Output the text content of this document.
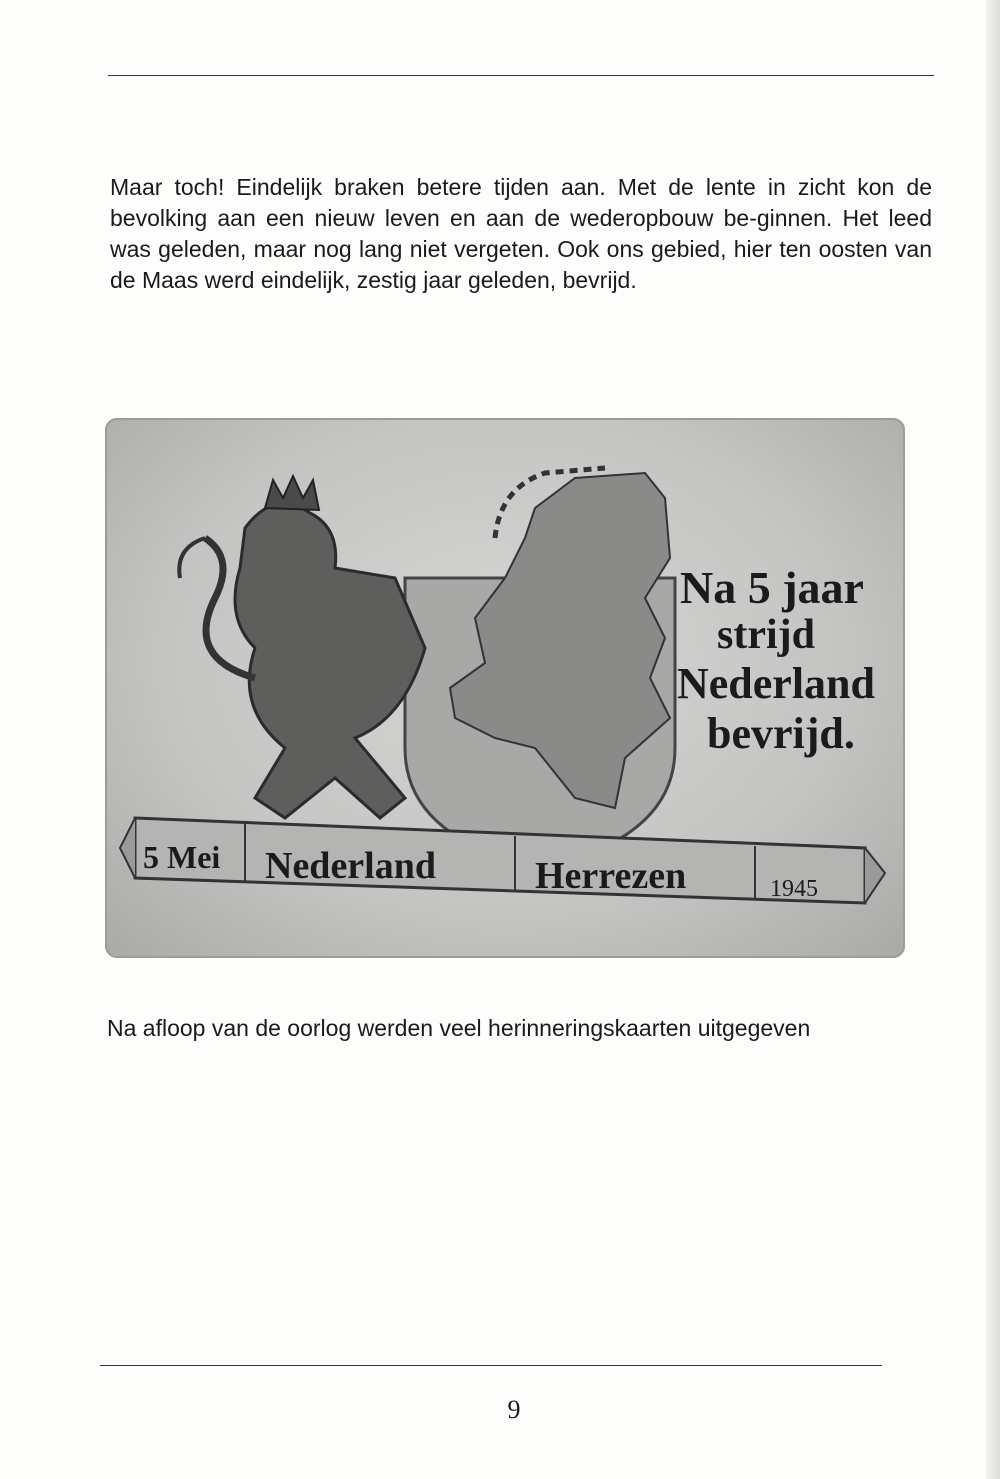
Maar toch! Eindelijk braken betere tijden aan. Met de lente in zicht kon de bevolking aan een nieuw leven en aan de wederopbouw be-ginnen. Het leed was geleden, maar nog lang niet vergeten. Ook ons gebied, hier ten oosten van de Maas werd eindelijk, zestig jaar geleden, bevrijd.

Na 5 jaar
strijd
Nederland
bevrijd.
5 Mei Nederland	Herrezen	1945

Na afloop van de oorlog werden veel herinneringskaarten uitgegeven

9
